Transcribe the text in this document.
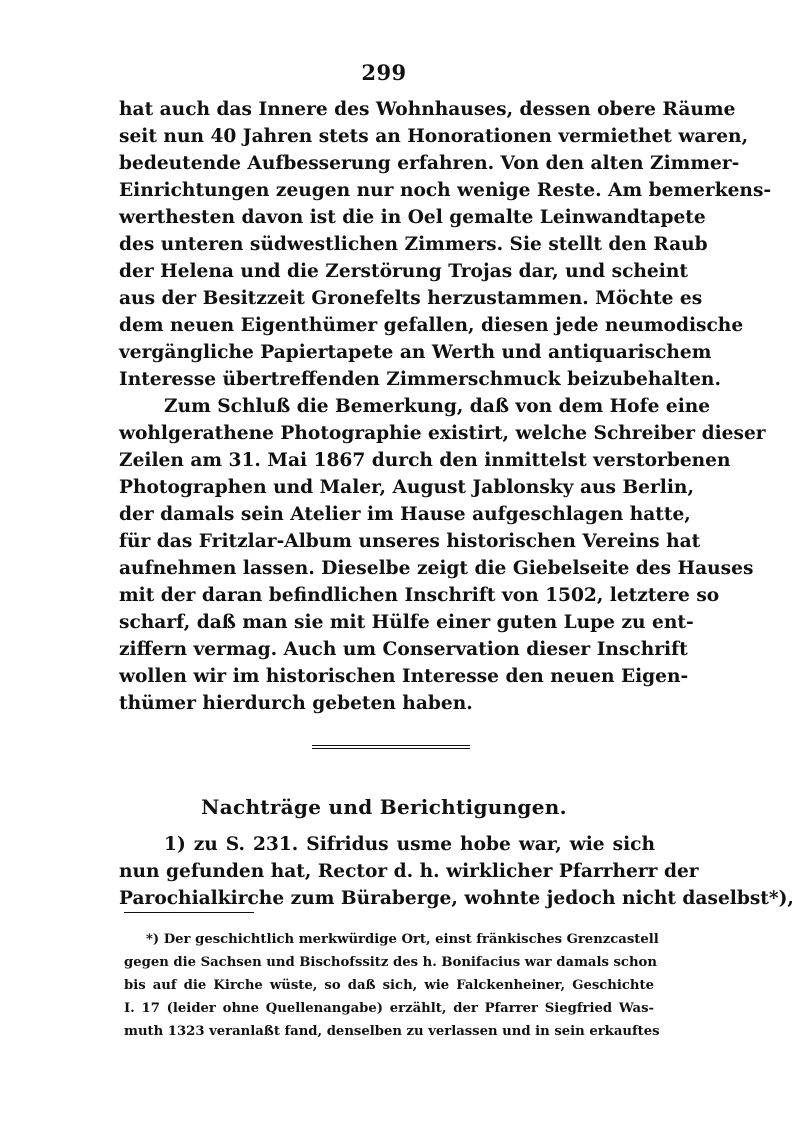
299
hat auch das Innere des Wohnhauses, dessen obere Räume
seit nun 40 Jahren stets an Honorationen vermiethet waren,
bedeutende Aufbesserung erfahren. Von den alten Zimmer-
Einrichtungen zeugen nur noch wenige Reste. Am bemerkens-
werthesten davon ist die in Oel gemalte Leinwandtapete
des unteren südwestlichen Zimmers. Sie stellt den Raub
der Helena und die Zerstörung Trojas dar, und scheint
aus der Besitzzeit Gronefelts herzustammen. Möchte es
dem neuen Eigenthümer gefallen, diesen jede neumodische
vergängliche Papiertapete an Werth und antiquarischem
Interesse übertreffenden Zimmerschmuck beizubehalten.
Zum Schluß die Bemerkung, daß von dem Hofe eine
wohlgerathene Photographie existirt, welche Schreiber dieser
Zeilen am 31. Mai 1867 durch den inmittelst verstorbenen
Photographen und Maler, August Jablonsky aus Berlin,
der damals sein Atelier im Hause aufgeschlagen hatte,
für das Fritzlar-Album unseres historischen Vereins hat
aufnehmen lassen. Dieselbe zeigt die Giebelseite des Hauses
mit der daran befindlichen Inschrift von 1502, letztere so
scharf, daß man sie mit Hülfe einer guten Lupe zu ent-
ziffern vermag. Auch um Conservation dieser Inschrift
wollen wir im historischen Interesse den neuen Eigen-
thümer hierdurch gebeten haben.
Nachträge und Berichtigungen.
1) zu S. 231. Sifridus usme hobe war, wie sich
nun gefunden hat, Rector d. h. wirklicher Pfarrherr der
Parochialkirche zum Büraberge, wohnte jedoch nicht daselbst*),
*) Der geschichtlich merkwürdige Ort, einst fränkisches Grenzcastell
gegen die Sachsen und Bischofssitz des h. Bonifacius war damals schon
bis auf die Kirche wüste, so daß sich, wie Falckenheiner, Geschichte
I. 17 (leider ohne Quellenangabe) erzählt, der Pfarrer Siegfried Was-
muth 1323 veranlaßt fand, denselben zu verlassen und in sein erkauftes
